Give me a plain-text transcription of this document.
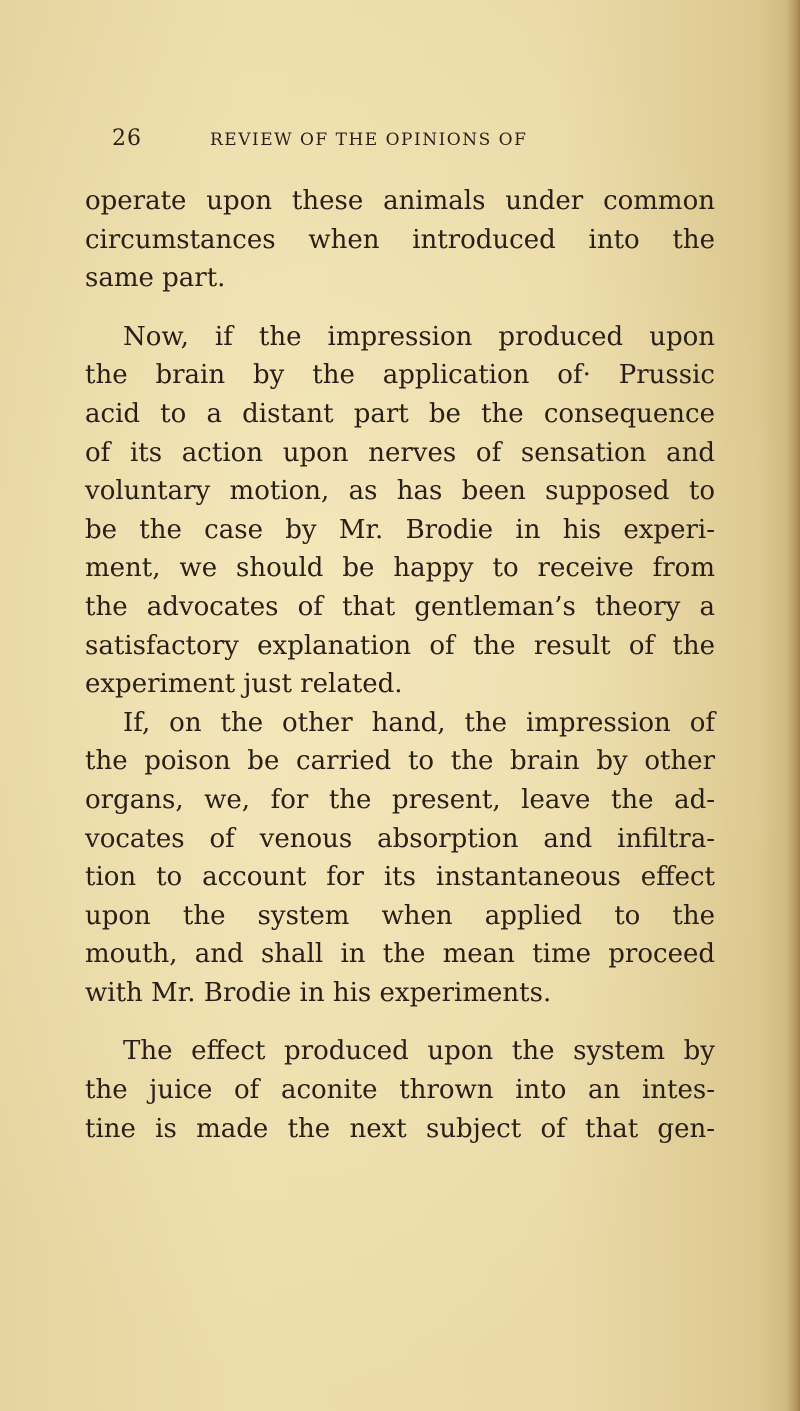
26	REVIEW OF THE OPINIONS OF
operate upon these animals under common
circumstances when introduced into the
same part.
Now, if the impression produced upon
the brain by the application of· Prussic
acid to a distant part be the consequence
of its action upon nerves of sensation and
voluntary motion, as has been supposed to
be the case by Mr. Brodie in his experi-
ment, we should be happy to receive from
the advocates of that gentleman’s theory a
satisfactory explanation of the result of the
experiment just related.
If, on the other hand, the impression of
the poison be carried to the brain by other
organs, we, for the present, leave the ad-
vocates of venous absorption and infiltra-
tion to account for its instantaneous effect
upon the system when applied to the
mouth, and shall in the mean time proceed
with Mr. Brodie in his experiments.
The effect produced upon the system by
the juice of aconite thrown into an intes-
tine is made the next subject of that gen-
